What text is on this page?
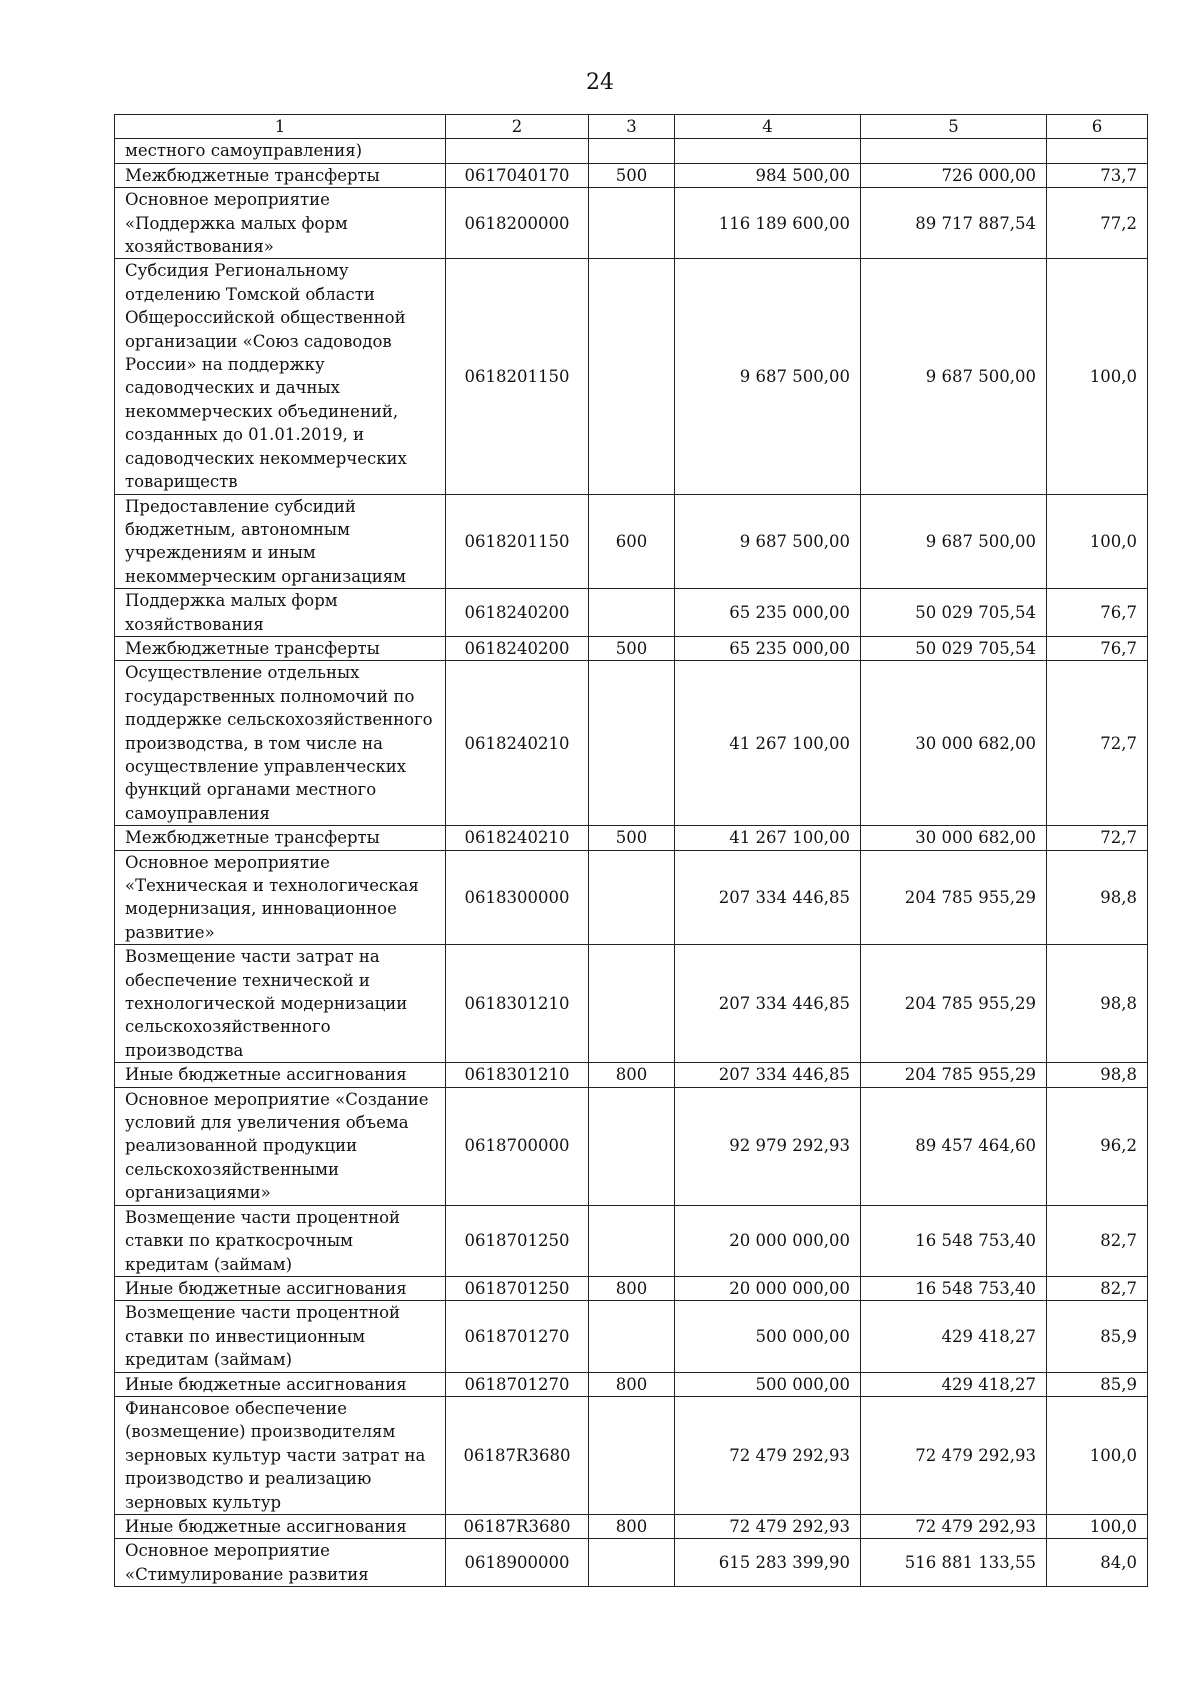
24
1	2	3	4	5	6
местного самоуправления)					
Межбюджетные трансферты	0617040170	500	984 500,00	726 000,00	73,7
Основное мероприятие «Поддержка малых форм хозяйствования»	0618200000		116 189 600,00	89 717 887,54	77,2
Субсидия Региональному отделению Томской области Общероссийской общественной организации «Союз садоводов России» на поддержку садоводческих и дачных некоммерческих объединений, созданных до 01.01.2019, и садоводческих некоммерческих товариществ	0618201150		9 687 500,00	9 687 500,00	100,0
Предоставление субсидий бюджетным, автономным учреждениям и иным некоммерческим организациям	0618201150	600	9 687 500,00	9 687 500,00	100,0
Поддержка малых форм хозяйствования	0618240200		65 235 000,00	50 029 705,54	76,7
Межбюджетные трансферты	0618240200	500	65 235 000,00	50 029 705,54	76,7
Осуществление отдельных государственных полномочий по поддержке сельскохозяйственного производства, в том числе на осуществление управленческих функций органами местного самоуправления	0618240210		41 267 100,00	30 000 682,00	72,7
Межбюджетные трансферты	0618240210	500	41 267 100,00	30 000 682,00	72,7
Основное мероприятие «Техническая и технологическая модернизация, инновационное развитие»	0618300000		207 334 446,85	204 785 955,29	98,8
Возмещение части затрат на обеспечение технической и технологической модернизации сельскохозяйственного производства	0618301210		207 334 446,85	204 785 955,29	98,8
Иные бюджетные ассигнования	0618301210	800	207 334 446,85	204 785 955,29	98,8
Основное мероприятие «Создание условий для увеличения объема реализованной продукции сельскохозяйственными организациями»	0618700000		92 979 292,93	89 457 464,60	96,2
Возмещение части процентной ставки по краткосрочным кредитам (займам)	0618701250		20 000 000,00	16 548 753,40	82,7
Иные бюджетные ассигнования	0618701250	800	20 000 000,00	16 548 753,40	82,7
Возмещение части процентной ставки по инвестиционным кредитам (займам)	0618701270		500 000,00	429 418,27	85,9
Иные бюджетные ассигнования	0618701270	800	500 000,00	429 418,27	85,9
Финансовое обеспечение (возмещение) производителям зерновых культур части затрат на производство и реализацию зерновых культур	06187R3680		72 479 292,93	72 479 292,93	100,0
Иные бюджетные ассигнования	06187R3680	800	72 479 292,93	72 479 292,93	100,0
Основное мероприятие «Стимулирование развития	0618900000		615 283 399,90	516 881 133,55	84,0
